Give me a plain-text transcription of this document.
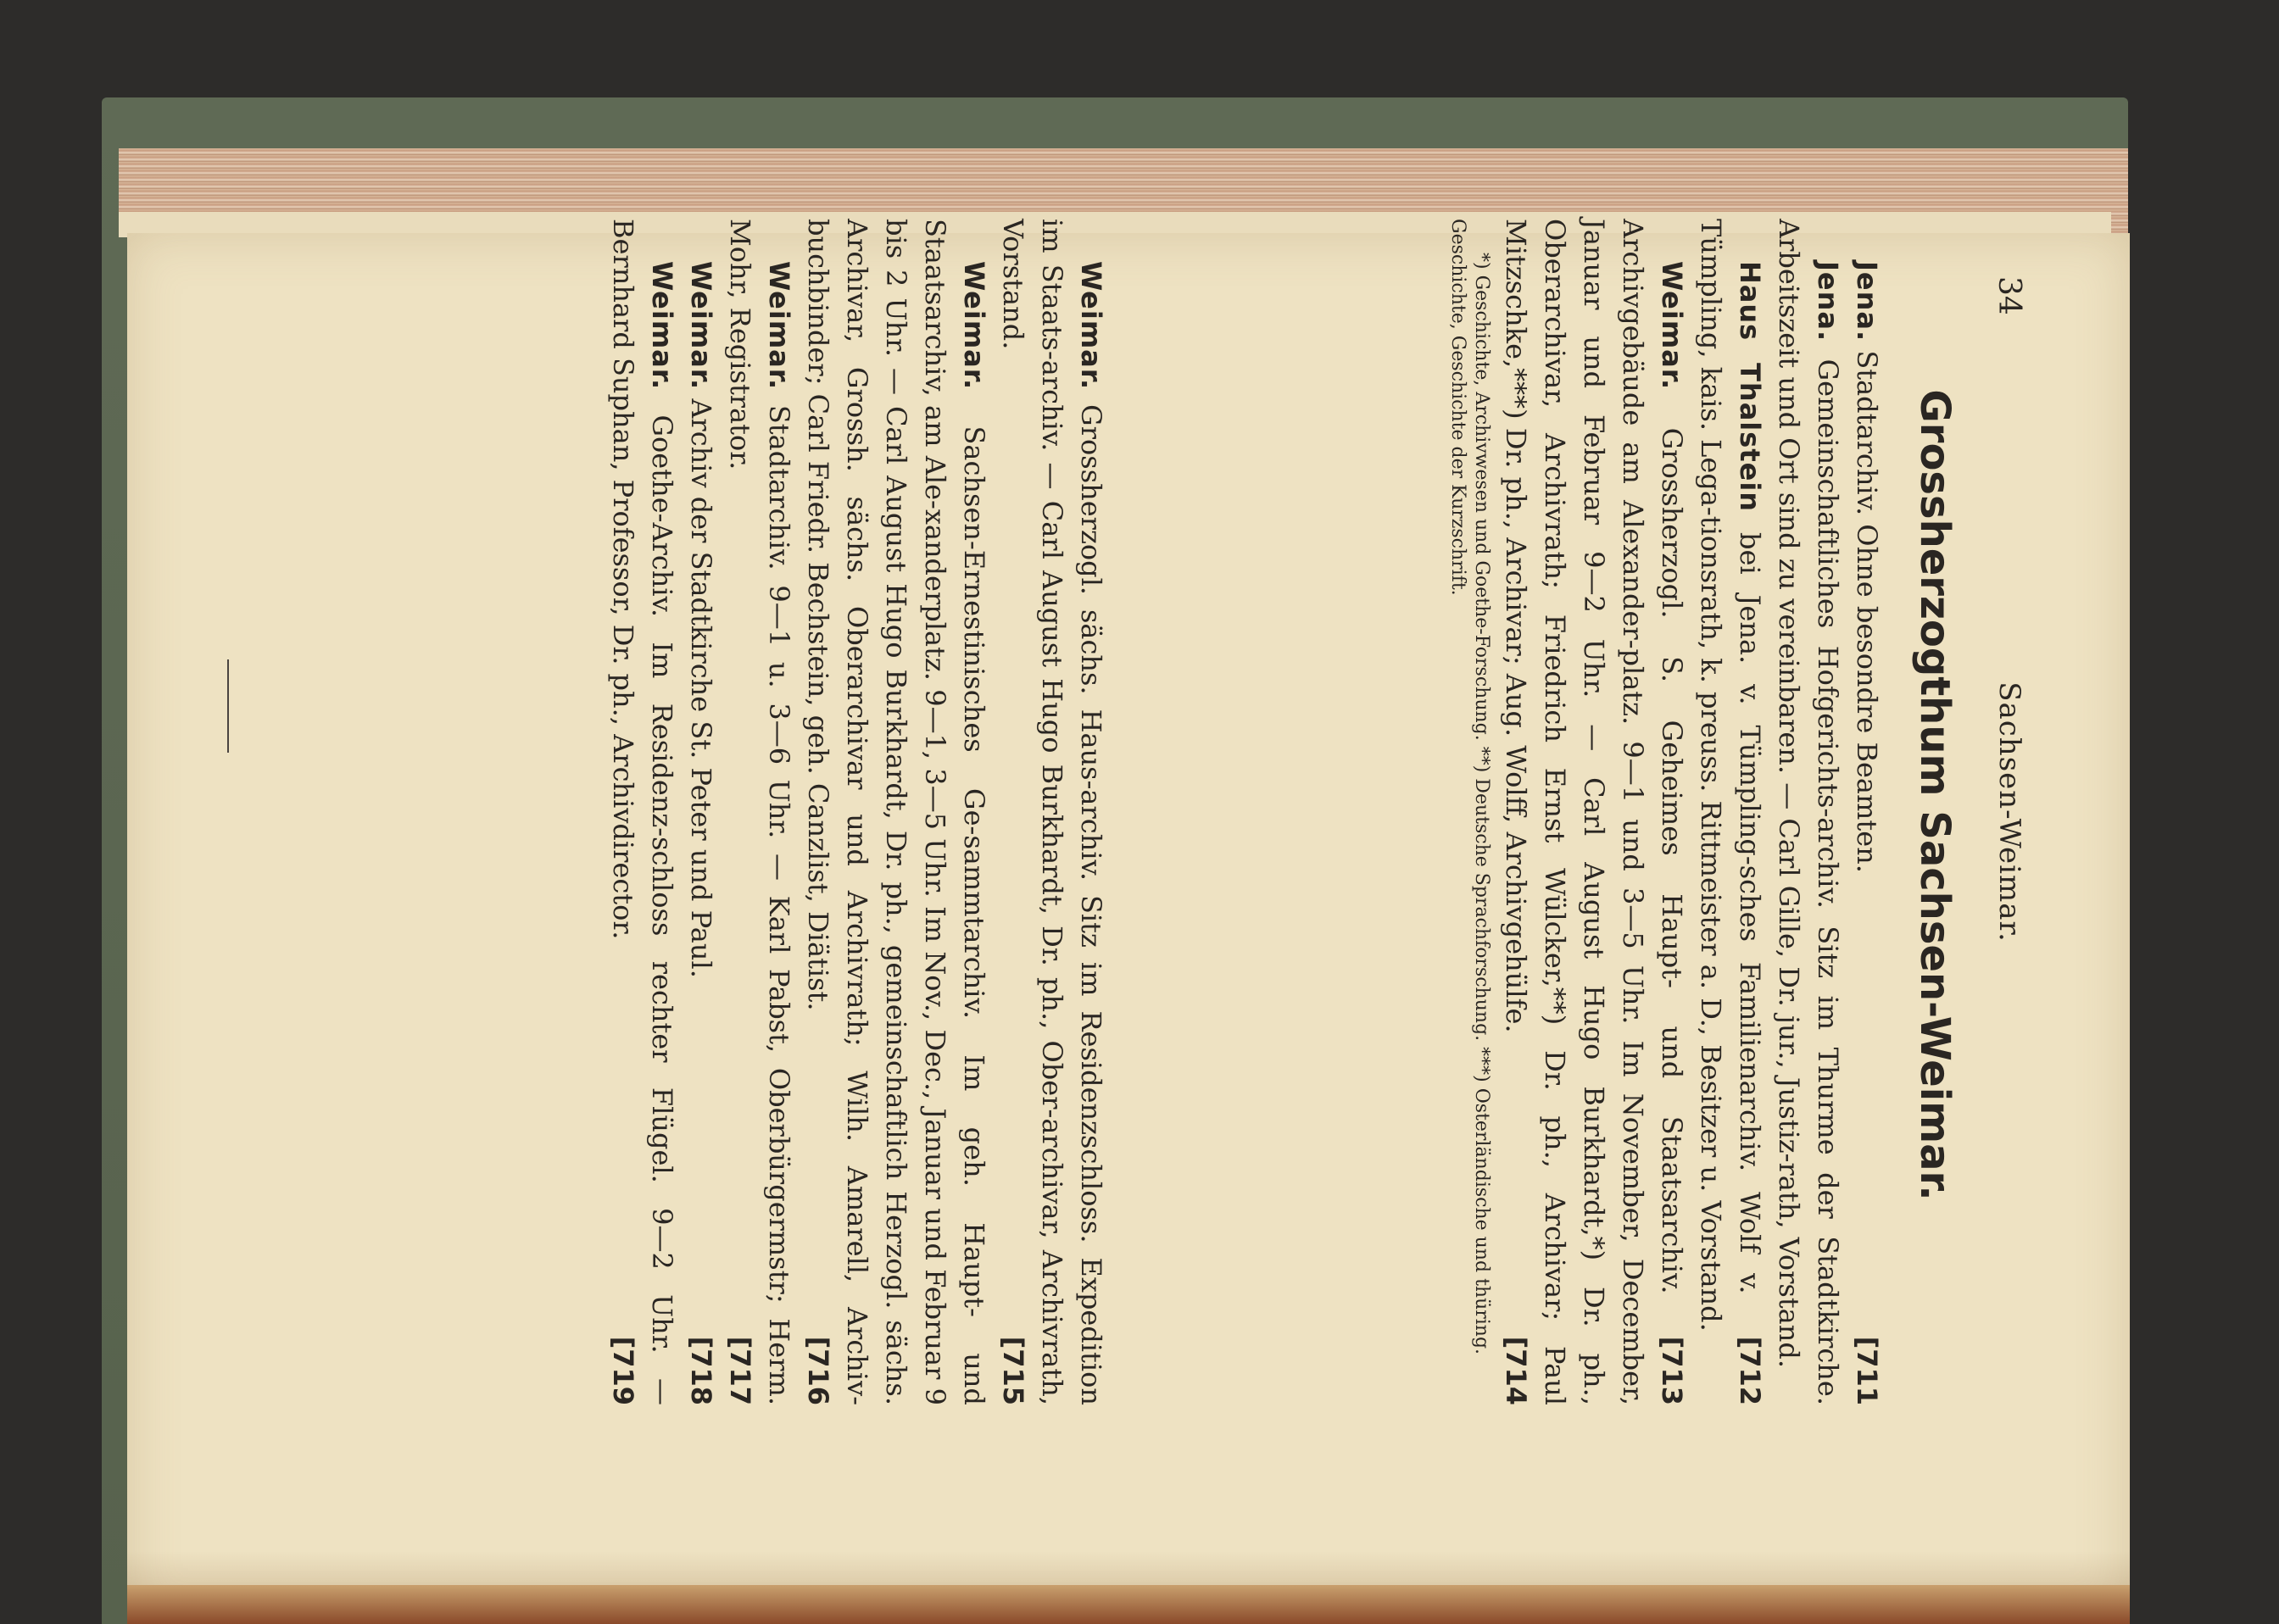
34
Sachsen-Weimar.
Grossherzogthum Sachsen-Weimar.

Jena. Stadtarchiv. Ohne besondre Beamten.
[711

Jena. Gemeinschaftliches Hofgerichts-archiv. Sitz im Thurme der Stadtkirche. Arbeitszeit und Ort sind zu vereinbaren. — Carl Gille, Dr. jur., Justiz-rath, Vorstand.
[712

Haus Thalstein bei Jena. v. Tümpling-sches Familienarchiv. Wolf v. Tümpling, kais. Lega-tionsrath, k. preuss. Rittmeister a. D., Besitzer u. Vorstand.
[713

Weimar. Grossherzogl. S. Geheimes Haupt- und Staatsarchiv. Archivgebäude am Alexander-platz. 9—1 und 3—5 Uhr. Im November, December, Januar und Februar 9—2 Uhr. — Carl August Hugo Burkhardt,*) Dr. ph., Oberarchivar, Archivrath; Friedrich Ernst Wülcker,**) Dr. ph., Archivar; Paul Mitzschke,***) Dr. ph., Archivar; Aug. Wolff, Archivgehülfe.
[714

*) Geschichte, Archivwesen und Goethe-Forschung. **) Deutsche Sprachforschung. ***) Osterländische und thüring. Geschichte, Geschichte der Kurzschrift.

Weimar. Grossherzogl. sächs. Haus-archiv. Sitz im Residenzschloss. Expedition im Staats-archiv. — Carl August Hugo Burkhardt, Dr. ph., Ober-archivar, Archivrath, Vorstand.
[715

Weimar. Sachsen-Ernestinisches Ge-sammtarchiv. Im geh. Haupt- und Staatsarchiv, am Ale-xanderplatz. 9—1, 3—5 Uhr. Im Nov., Dec., Januar und Februar 9 bis 2 Uhr. — Carl August Hugo Burkhardt, Dr. ph., gemeinschaftlich Herzogl. sächs. Archivar, Grossh. sächs. Oberarchivar und Archivrath; Wilh. Amarell, Archiv-buchbinder; Carl Friedr. Bechstein, geh. Canzlist, Diätist.
[716

Weimar. Stadtarchiv. 9—1 u. 3—6 Uhr. — Karl Pabst, Oberbürgermstr; Herm. Mohr, Registrator.
[717

Weimar. Archiv der Stadtkirche St. Peter und Paul.
[718

Weimar. Goethe-Archiv. Im Residenz-schloss rechter Flügel. 9—2 Uhr. — Bernhard Suphan, Professor, Dr. ph., Archivdirector.
[719
